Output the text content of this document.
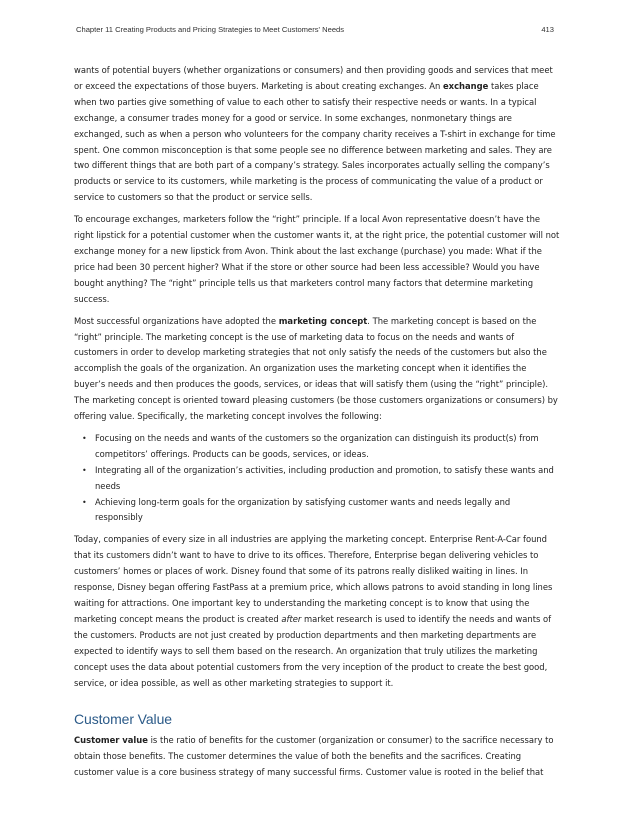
Chapter 11 Creating Products and Pricing Strategies to Meet Customers' Needs	413

wants of potential buyers (whether organizations or consumers) and then providing goods and services that meet or exceed the expectations of those buyers. Marketing is about creating exchanges. An exchange takes place when two parties give something of value to each other to satisfy their respective needs or wants. In a typical exchange, a consumer trades money for a good or service. In some exchanges, nonmonetary things are exchanged, such as when a person who volunteers for the company charity receives a T-shirt in exchange for time spent. One common misconception is that some people see no difference between marketing and sales. They are two different things that are both part of a company’s strategy. Sales incorporates actually selling the company’s products or service to its customers, while marketing is the process of communicating the value of a product or service to customers so that the product or service sells.

To encourage exchanges, marketers follow the “right” principle. If a local Avon representative doesn’t have the right lipstick for a potential customer when the customer wants it, at the right price, the potential customer will not exchange money for a new lipstick from Avon. Think about the last exchange (purchase) you made: What if the price had been 30 percent higher? What if the store or other source had been less accessible? Would you have bought anything? The “right” principle tells us that marketers control many factors that determine marketing success.

Most successful organizations have adopted the marketing concept. The marketing concept is based on the “right” principle. The marketing concept is the use of marketing data to focus on the needs and wants of customers in order to develop marketing strategies that not only satisfy the needs of the customers but also the accomplish the goals of the organization. An organization uses the marketing concept when it identifies the buyer’s needs and then produces the goods, services, or ideas that will satisfy them (using the “right” principle). The marketing concept is oriented toward pleasing customers (be those customers organizations or consumers) by offering value. Specifically, the marketing concept involves the following:

• Focusing on the needs and wants of the customers so the organization can distinguish its product(s) from competitors’ offerings. Products can be goods, services, or ideas.
• Integrating all of the organization’s activities, including production and promotion, to satisfy these wants and needs
• Achieving long-term goals for the organization by satisfying customer wants and needs legally and responsibly

Today, companies of every size in all industries are applying the marketing concept. Enterprise Rent-A-Car found that its customers didn’t want to have to drive to its offices. Therefore, Enterprise began delivering vehicles to customers’ homes or places of work. Disney found that some of its patrons really disliked waiting in lines. In response, Disney began offering FastPass at a premium price, which allows patrons to avoid standing in long lines waiting for attractions. One important key to understanding the marketing concept is to know that using the marketing concept means the product is created after market research is used to identify the needs and wants of the customers. Products are not just created by production departments and then marketing departments are expected to identify ways to sell them based on the research. An organization that truly utilizes the marketing concept uses the data about potential customers from the very inception of the product to create the best good, service, or idea possible, as well as other marketing strategies to support it.

Customer Value

Customer value is the ratio of benefits for the customer (organization or consumer) to the sacrifice necessary to obtain those benefits. The customer determines the value of both the benefits and the sacrifices. Creating customer value is a core business strategy of many successful firms. Customer value is rooted in the belief that
